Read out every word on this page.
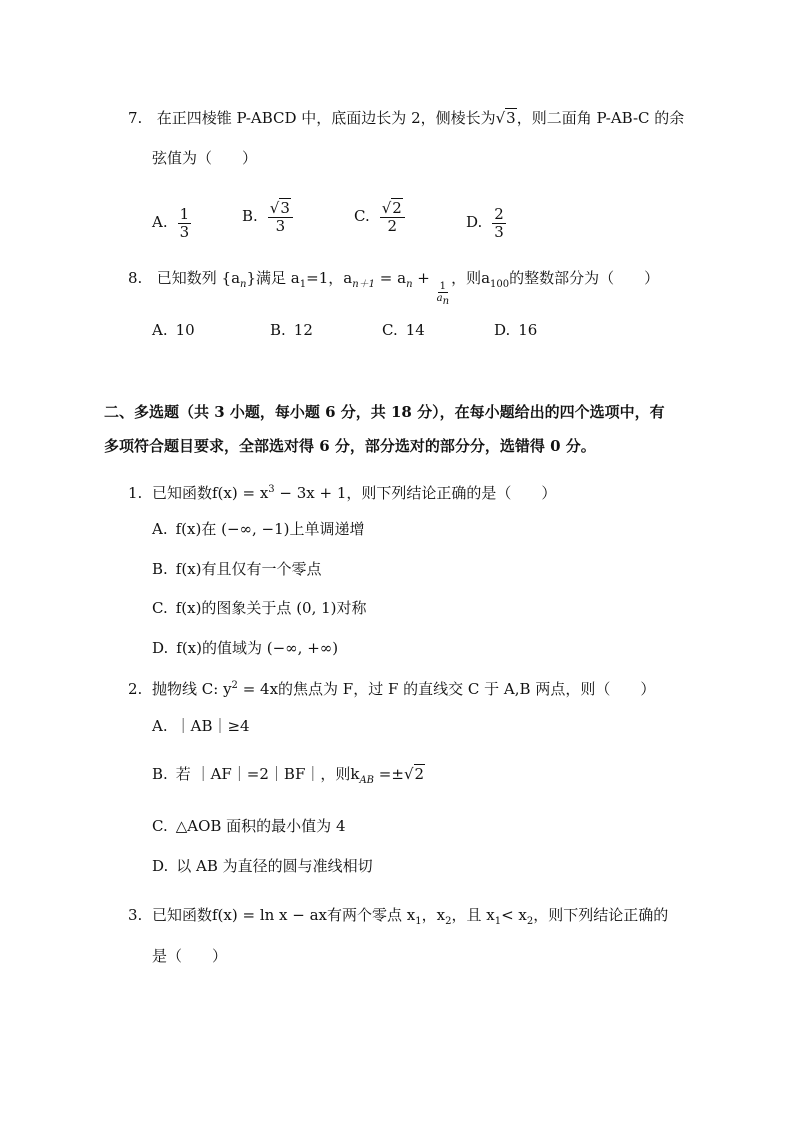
7. 在正四棱锥 P-ABCD 中，底面边长为 2，侧棱长为√3，则二面角 P-AB-C 的余
弦值为（　　）
A. $\frac{1}{3}$	B. $\frac{√3}{3}$	C. $\frac{√2}{2}$	D. $\frac{2}{3}$
8. 已知数列 $\{a_n\}$满足 $a_1=1$，$a_{n+1} = a_n$ +
$\frac{1}{a_n}$
，则$a_{100}$的整数部分为（　　）
A. 10	B. 12	C. 14	D. 16
二、多选题（共 3 小题，每小题 6 分，共 18 分），在每小题给出的四个选项中，有
多项符合题目要求，全部选对得 6 分，部分选对的部分分，选错得 0 分。
1. 已知函数$f(x) = x^3 - 3x + 1$，则下列结论正确的是（　　）
A. f(x)在 (−∞, −1)上单调递增
B. f(x)有且仅有一个零点
C. f(x)的图象关于点 (0, 1)对称
D. f(x)的值域为 (−∞, +∞)
2. 抛物线 C: $y^2 = 4x$的焦点为 F，过 F 的直线交 C 于 A,B 两点，则（　　）
A. ｜AB｜≥4
B. 若 ｜AF｜=2｜BF｜，则$k_{AB} =\pm√2$
C. △AOB 面积的最小值为 4
D. 以 AB 为直径的圆与准线相切
3. 已知函数f(x) = ln x − ax有两个零点 $x_1$，$x_2$，且 $x_1< x_2$，则下列结论正确的
是（　　）
